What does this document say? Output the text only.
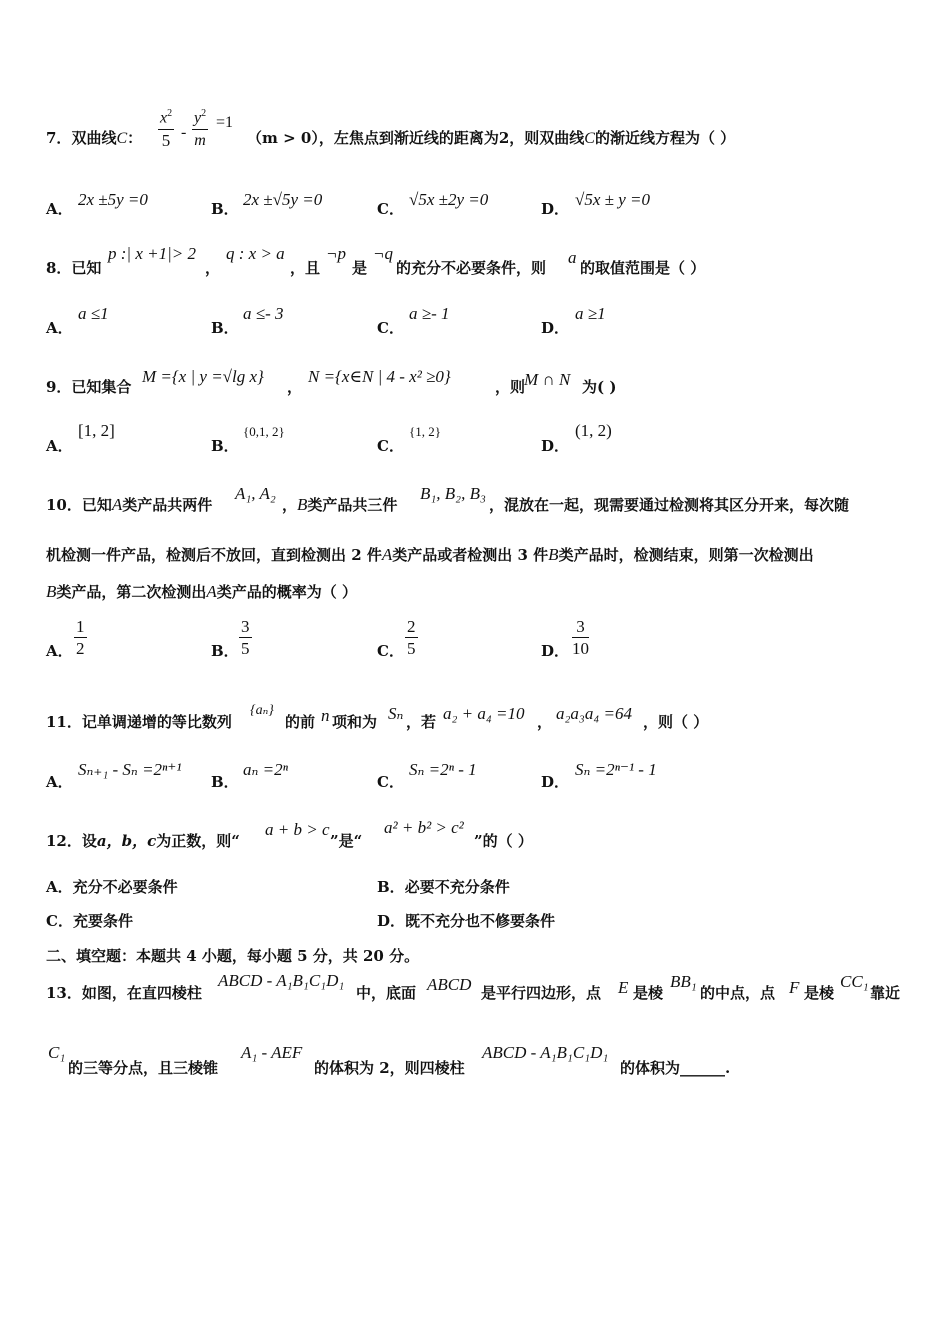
7．双曲线C： $\frac{x^2}{5} - \frac{y^2}{m} =1$
（m > 0），左焦点到渐近线的距离为2，则双曲线C的渐近线方程为（ ）
A． 2x ±5y =0	B． 2x ±√5y =0	C． √5x ±2y =0	D． √5x ± y =0
8．已知
p :| x +1|> 2
，
q : x > a
，且
¬p
是
¬q
的充分不必要条件，则
a
的取值范围是（ ）
A．
a ≤1
B．
a ≤- 3
C．
a ≥- 1
D．
a ≥1
9．已知集合
M ={x | y =√lg x}
，
N ={x∈N | 4 - x² ≥0}
，则
M ∩ N 为( )
A．
[1, 2]
B．
{0,1, 2}
C．
{1, 2}
D．
(1, 2)
10．已知A类产品共两件
A₁, A₂
，B类产品共三件
B₁, B₂, B₃
，混放在一起，现需要通过检测将其区分开来，每次随
机检测一件产品，检测后不放回，直到检测出 2 件A类产品或者检测出 3 件B类产品时，检测结束，则第一次检测出
B类产品，第二次检测出A类产品的概率为（ ）
A． $\frac{1}{2}$	B． $\frac{3}{5}$	C． $\frac{2}{5}$	D． $\frac{3}{10}$
11．记单调递增的等比数列
{aₙ}
的前 n 项和为 Sₙ ，若 a₂ + a₄ =10 ， a₂a₃a₄ =64 ，则（ ）
A．
Sₙ₊₁ - Sₙ =2ⁿ⁺¹
B．
aₙ =2ⁿ
C．
Sₙ =2ⁿ - 1
D．
Sₙ =2ⁿ⁻¹ - 1
12．设a，b，c为正数，则“
a + b > c
”是“
a² + b² > c²
”的（ ）
A．充分不必要条件	B．必要不充分条件
C．充要条件	D．既不充分也不修要条件
二、填空题：本题共 4 小题，每小题 5 分，共 20 分。
13．如图，在直四棱柱
ABCD - A₁B₁C₁D₁
中，底面 ABCD 是平行四边形，点 E 是棱
BB₁
的中点，点 F 是棱
CC₁
靠近
C₁
的三等分点，且三棱锥
A₁ - AEF
的体积为 2，则四棱柱
ABCD - A₁B₁C₁D₁
的体积为______.
